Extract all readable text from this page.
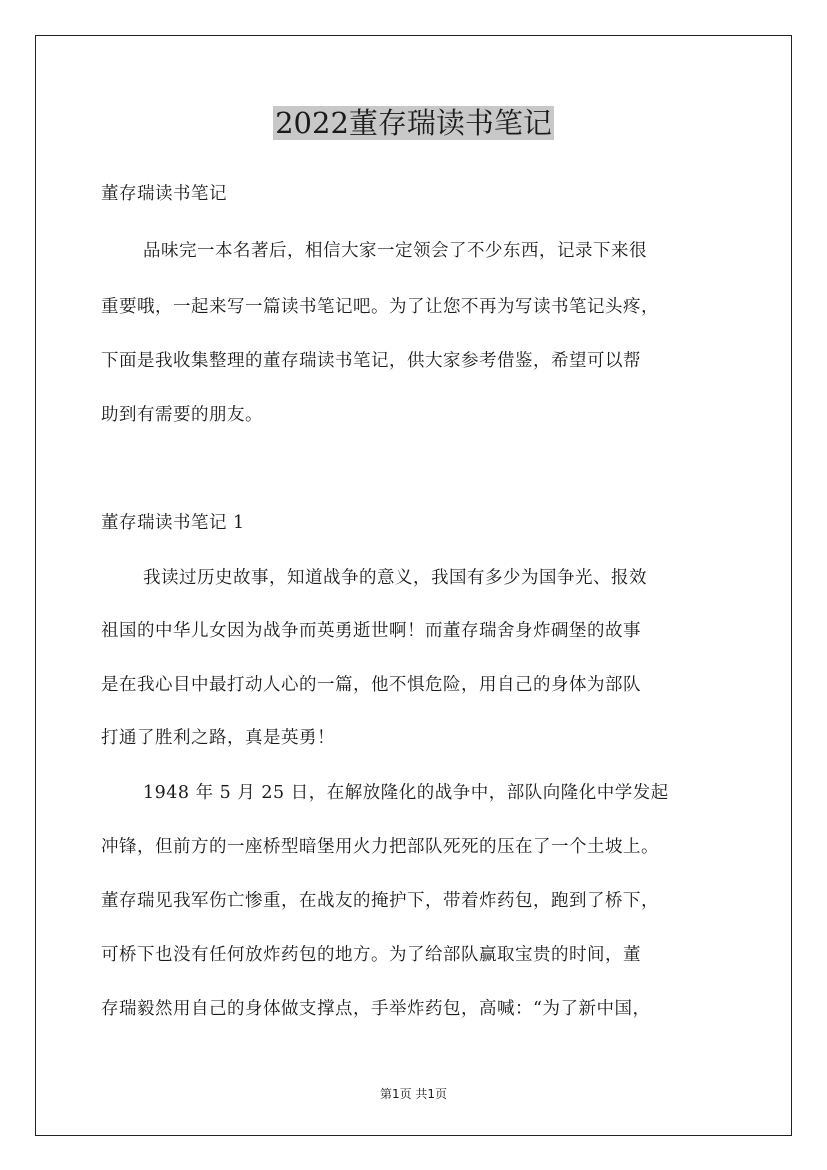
2022董存瑞读书笔记
董存瑞读书笔记
品味完一本名著后，相信大家一定领会了不少东西，记录下来很
重要哦，一起来写一篇读书笔记吧。为了让您不再为写读书笔记头疼，
下面是我收集整理的董存瑞读书笔记，供大家参考借鉴，希望可以帮
助到有需要的朋友。
董存瑞读书笔记 1
我读过历史故事，知道战争的意义，我国有多少为国争光、报效
祖国的中华儿女因为战争而英勇逝世啊！而董存瑞舍身炸碉堡的故事
是在我心目中最打动人心的一篇，他不惧危险，用自己的身体为部队
打通了胜利之路，真是英勇！
1948 年 5 月 25 日，在解放隆化的战争中，部队向隆化中学发起
冲锋，但前方的一座桥型暗堡用火力把部队死死的压在了一个土坡上。
董存瑞见我军伤亡惨重，在战友的掩护下，带着炸药包，跑到了桥下，
可桥下也没有任何放炸药包的地方。为了给部队赢取宝贵的时间，董
存瑞毅然用自己的身体做支撑点，手举炸药包，高喊：“为了新中国，
第1页 共1页
